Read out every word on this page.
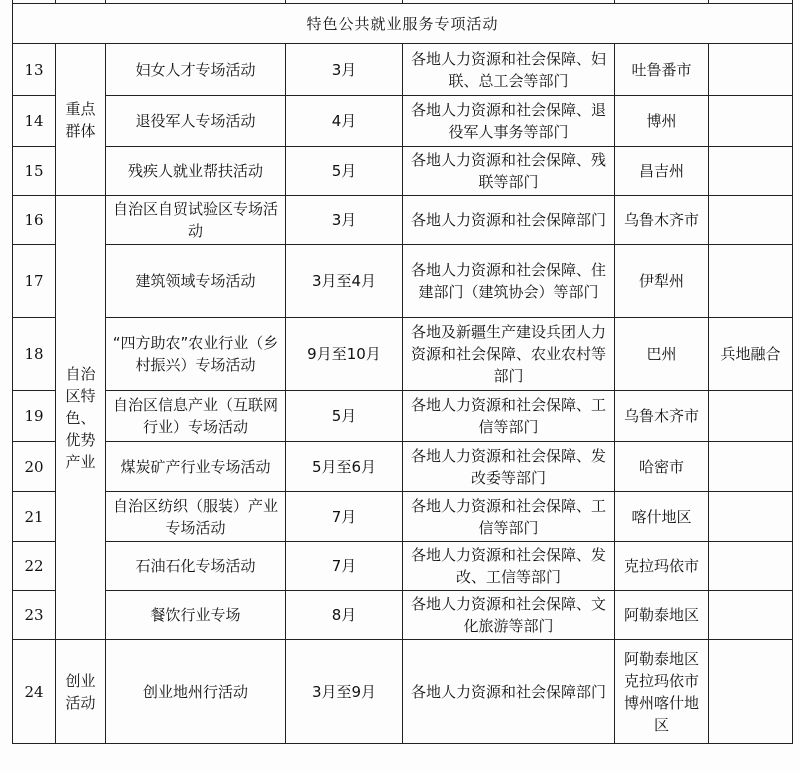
特色公共就业服务专项活动						
13	重点群体	妇女人才专场活动	3月	各地人力资源和社会保障、妇联、总工会等部门	吐鲁番市	
14		退役军人专场活动	4月	各地人力资源和社会保障、退役军人事务等部门	博州	
15		残疾人就业帮扶活动	5月	各地人力资源和社会保障、残联等部门	昌吉州	
16	自治区特色、优势产业	自治区自贸试验区专场活动	3月	各地人力资源和社会保障部门	乌鲁木齐市	
17		建筑领域专场活动	3月至4月	各地人力资源和社会保障、住建部门（建筑协会）等部门	伊犁州	
18		“四方助农”农业行业（乡村振兴）专场活动	9月至10月	各地及新疆生产建设兵团人力资源和社会保障、农业农村等部门	巴州	兵地融合
19		自治区信息产业（互联网行业）专场活动	5月	各地人力资源和社会保障、工信等部门	乌鲁木齐市	
20		煤炭矿产行业专场活动	5月至6月	各地人力资源和社会保障、发改委等部门	哈密市	
21		自治区纺织（服装）产业专场活动	7月	各地人力资源和社会保障、工信等部门	喀什地区	
22		石油石化专场活动	7月	各地人力资源和社会保障、发改、工信等部门	克拉玛依市	
23		餐饮行业专场	8月	各地人力资源和社会保障、文化旅游等部门	阿勒泰地区	
24	创业活动	创业地州行活动	3月至9月	各地人力资源和社会保障部门	阿勒泰地区克拉玛依市博州喀什地区	
